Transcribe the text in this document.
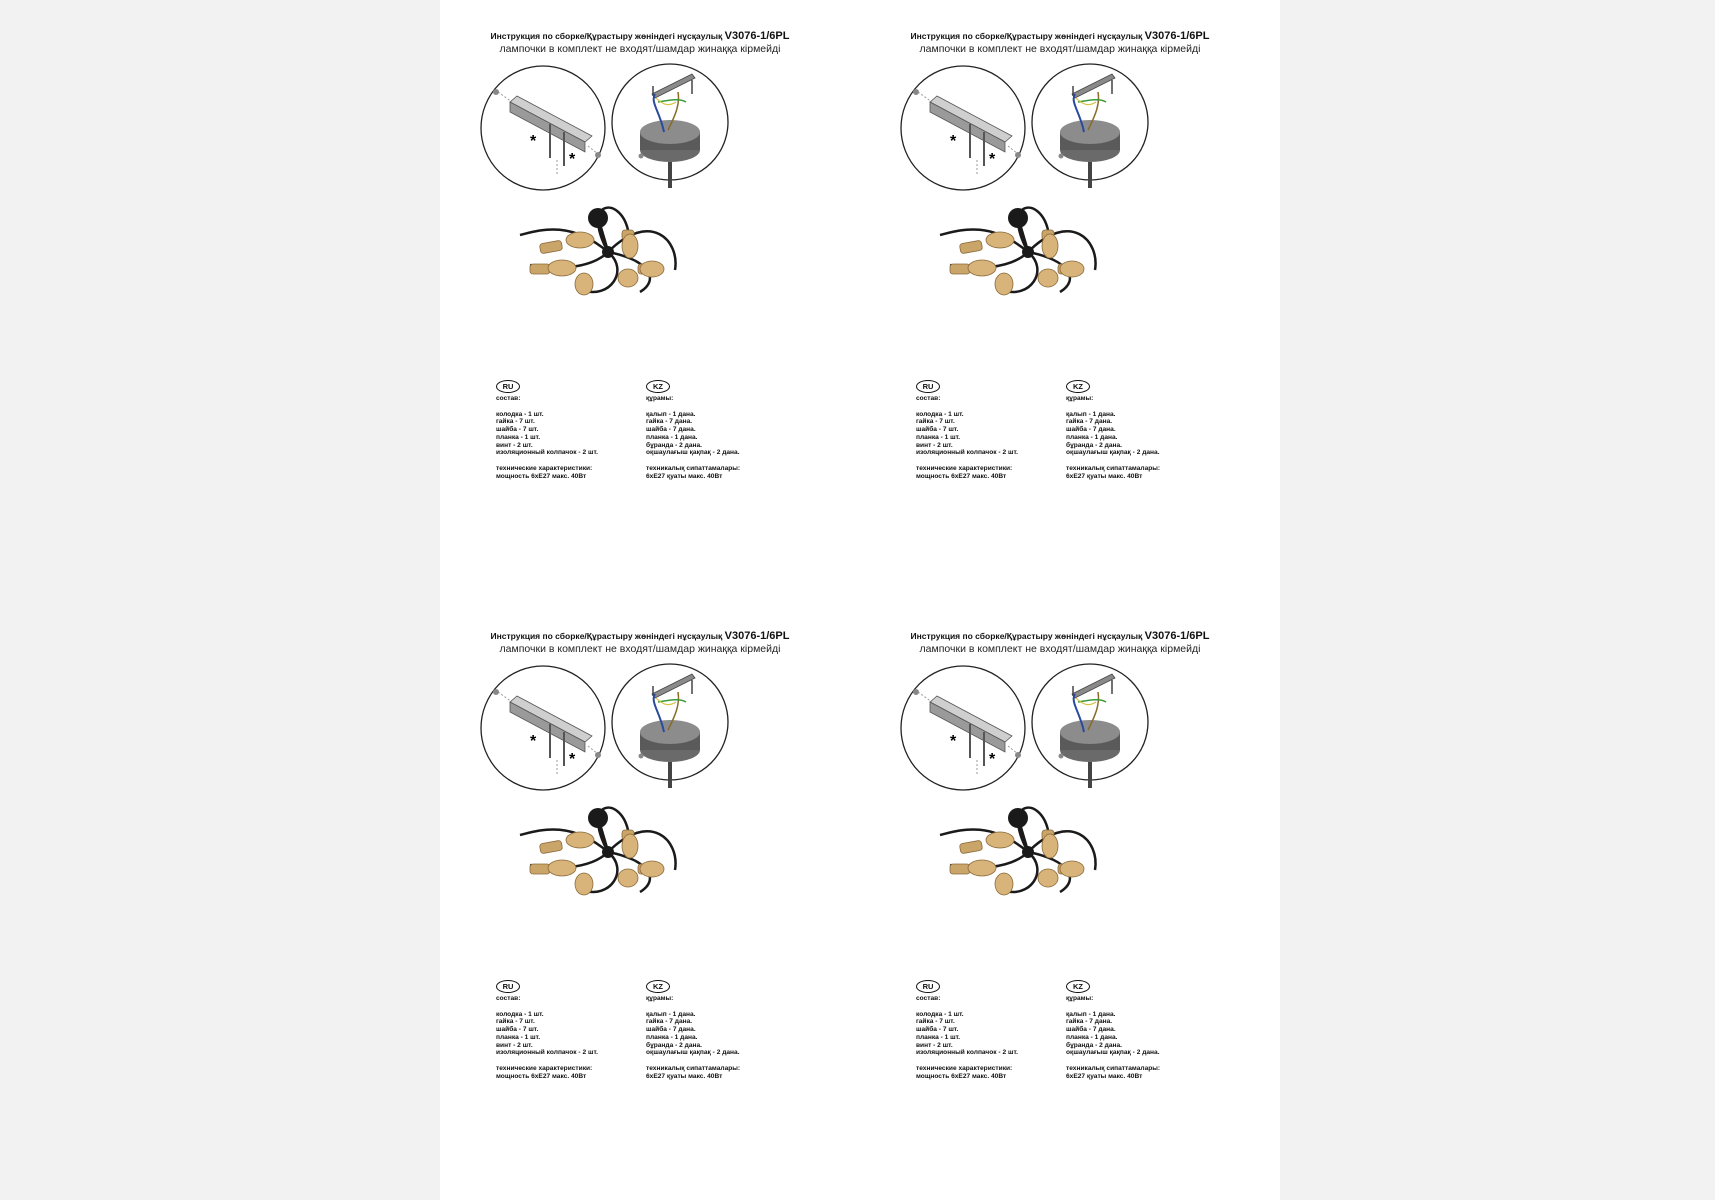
Инструкция по сборке/Құрастыру жөніндегі нұсқаулық V3076-1/6PL
лампочки в комплект не входят/шамдар жинаққа кірмейді
*
*
RU
состав:
колодка - 1 шт.
гайка - 7 шт.
шайба - 7 шт.
планка - 1 шт.
винт - 2 шт.
изоляционный колпачок - 2 шт.
технические характеристики:
мощность 6хЕ27 макс. 40Вт
KZ
құрамы:
қалып - 1 дана.
гайка - 7 дана.
шайба - 7 дана.
планка - 1 дана.
бұранда - 2 дана.
оқшаулағыш қақпақ - 2 дана.
техникалық сипаттамалары:
6хЕ27 қуаты макс. 40Вт
Инструкция по сборке/Құрастыру жөніндегі нұсқаулық V3076-1/6PL
лампочки в комплект не входят/шамдар жинаққа кірмейді
*
*
RU
состав:
колодка - 1 шт.
гайка - 7 шт.
шайба - 7 шт.
планка - 1 шт.
винт - 2 шт.
изоляционный колпачок - 2 шт.
технические характеристики:
мощность 6хЕ27 макс. 40Вт
KZ
құрамы:
қалып - 1 дана.
гайка - 7 дана.
шайба - 7 дана.
планка - 1 дана.
бұранда - 2 дана.
оқшаулағыш қақпақ - 2 дана.
техникалық сипаттамалары:
6хЕ27 қуаты макс. 40Вт
Инструкция по сборке/Құрастыру жөніндегі нұсқаулық V3076-1/6PL
лампочки в комплект не входят/шамдар жинаққа кірмейді
*
*
RU
состав:
колодка - 1 шт.
гайка - 7 шт.
шайба - 7 шт.
планка - 1 шт.
винт - 2 шт.
изоляционный колпачок - 2 шт.
технические характеристики:
мощность 6хЕ27 макс. 40Вт
KZ
құрамы:
қалып - 1 дана.
гайка - 7 дана.
шайба - 7 дана.
планка - 1 дана.
бұранда - 2 дана.
оқшаулағыш қақпақ - 2 дана.
техникалық сипаттамалары:
6хЕ27 қуаты макс. 40Вт
Инструкция по сборке/Құрастыру жөніндегі нұсқаулық V3076-1/6PL
лампочки в комплект не входят/шамдар жинаққа кірмейді
*
*
RU
состав:
колодка - 1 шт.
гайка - 7 шт.
шайба - 7 шт.
планка - 1 шт.
винт - 2 шт.
изоляционный колпачок - 2 шт.
технические характеристики:
мощность 6хЕ27 макс. 40Вт
KZ
құрамы:
қалып - 1 дана.
гайка - 7 дана.
шайба - 7 дана.
планка - 1 дана.
бұранда - 2 дана.
оқшаулағыш қақпақ - 2 дана.
техникалық сипаттамалары:
6хЕ27 қуаты макс. 40Вт
